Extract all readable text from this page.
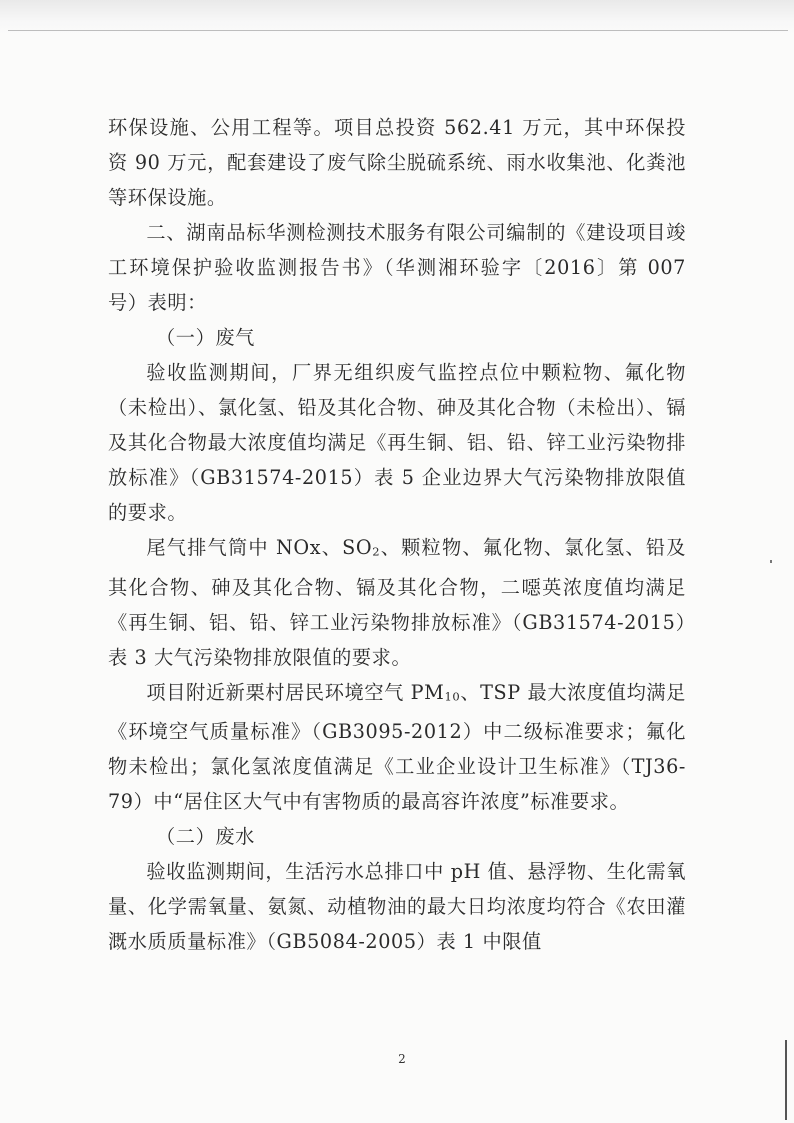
环保设施、公用工程等。项目总投资 562.41 万元，其中环保投资 90 万元，配套建设了废气除尘脱硫系统、雨水收集池、化粪池等环保设施。

二、湖南品标华测检测技术服务有限公司编制的《建设项目竣工环境保护验收监测报告书》（华测湘环验字〔2016〕第 007 号）表明：

（一）废气

验收监测期间，厂界无组织废气监控点位中颗粒物、氟化物（未检出）、氯化氢、铅及其化合物、砷及其化合物（未检出）、镉及其化合物最大浓度值均满足《再生铜、铝、铅、锌工业污染物排放标准》（GB31574-2015）表 5 企业边界大气污染物排放限值的要求。

尾气排气筒中 NOx、$SO_2$、颗粒物、氟化物、氯化氢、铅及其化合物、砷及其化合物、镉及其化合物，二噁英浓度值均满足《再生铜、铝、铅、锌工业污染物排放标准》（GB31574-2015）表 3 大气污染物排放限值的要求。

项目附近新栗村居民环境空气 $PM_{10}$、TSP 最大浓度值均满足《环境空气质量标准》（GB3095-2012）中二级标准要求；氟化物未检出；氯化氢浓度值满足《工业企业设计卫生标准》（TJ36-79）中“居住区大气中有害物质的最高容许浓度”标准要求。

（二）废水

验收监测期间，生活污水总排口中 pH 值、悬浮物、生化需氧量、化学需氧量、氨氮、动植物油的最大日均浓度均符合《农田灌溉水质质量标准》（GB5084-2005）表 1 中限值

2
